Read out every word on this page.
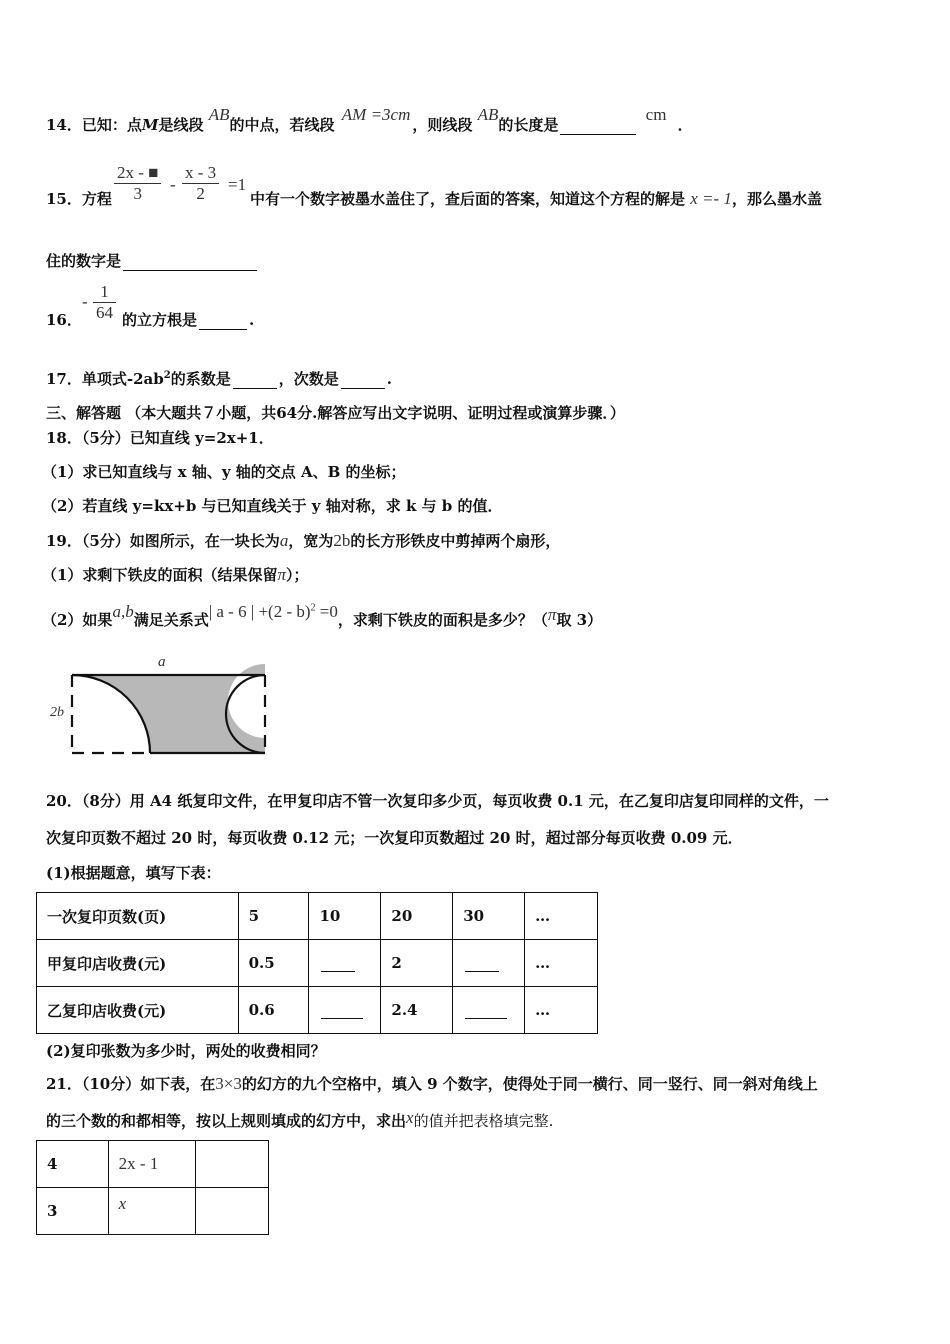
14．已知：点M是线段 AB的中点，若线段 AM =3cm，则线段 AB的长度是 cm ．
15．方程 $\frac{2x - ■}{3} - \frac{x - 3}{2} =1$
中有一个数字被墨水盖住了，查后面的答案，知道这个方程的解是 x =- 1，那么墨水盖
住的数字是
16．
- $\frac{1}{64}$ 的立方根是	.
17．单项式$-2ab^2$的系数是	，次数是	.
三、解答题 （本大题共７小题，共64分.解答应写出文字说明、证明过程或演算步骤．）
18．（5分）已知直线 y=2x+1．
（1）求已知直线与 x 轴、y 轴的交点 A、B 的坐标；
（2）若直线 y=kx+b 与已知直线关于 y 轴对称，求 k 与 b 的值．
19．（5分）如图所示，在一块长为a，宽为2b的长方形铁皮中剪掉两个扇形，
（1）求剩下铁皮的面积（结果保留π）；
（2）如果a,b满足关系式| a - 6 | +(2 - b)$^2$ =0，求剩下铁皮的面积是多少？（π取 3）
a
2b
20．（8分）用 A4 纸复印文件，在甲复印店不管一次复印多少页，每页收费 0.1 元，在乙复印店复印同样的文件，一
次复印页数不超过 20 时，每页收费 0.12 元；一次复印页数超过 20 时，超过部分每页收费 0.09 元．
(1)根据题意，填写下表：
一次复印页数(页)	5	10	20	30	…
甲复印店收费(元)	0.5		2		…
乙复印店收费(元)	0.6		2.4		…
(2)复印张数为多少时，两处的收费相同？
21．（10分）如下表，在3×3的幻方的九个空格中，填入 9 个数字，使得处于同一横行、同一竖行、同一斜对角线上
的三个数的和都相等，按以上规则填成的幻方中，求出x的值并把表格填完整.
4	2x - 1	
3	x	
